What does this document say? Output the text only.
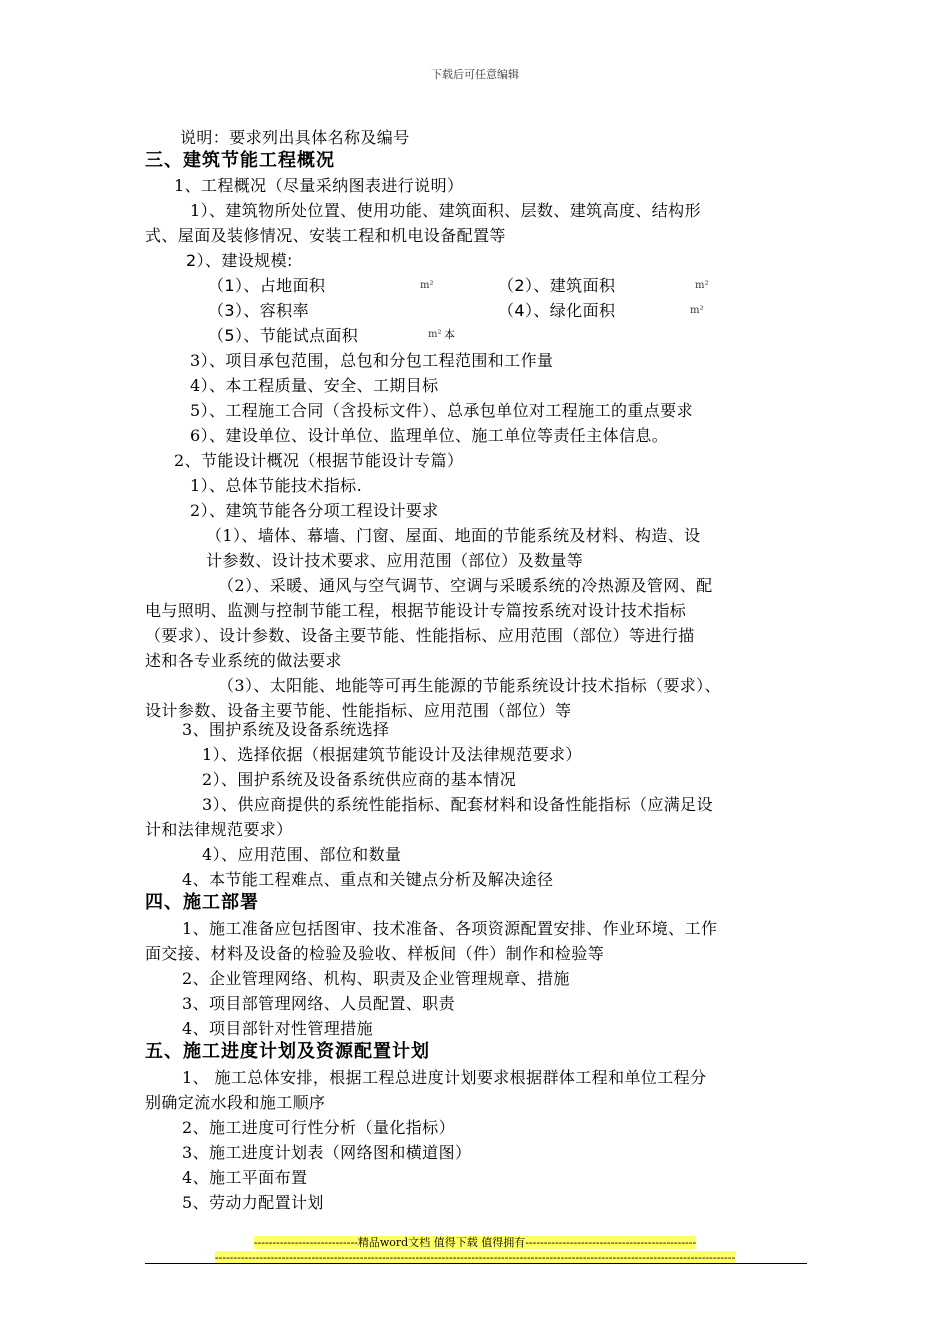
下载后可任意编辑
说明：要求列出具体名称及编号
三、建筑节能工程概况
1、工程概况（尽量采纳图表进行说明）
1）、建筑物所处位置、使用功能、建筑面积、层数、建筑高度、结构形
式、屋面及装修情况、安装工程和机电设备配置等
2）、建设规模:
（1）、占地面积	m²	（2）、建筑面积	m²
（3）、容积率	（4）、绿化面积	m²
（5）、节能试点面积	m² 本
3）、项目承包范围，总包和分包工程范围和工作量
4）、本工程质量、安全、工期目标
5）、工程施工合同（含投标文件）、总承包单位对工程施工的重点要求
6）、建设单位、设计单位、监理单位、施工单位等责任主体信息。
2、节能设计概况（根据节能设计专篇）
1）、总体节能技术指标.
2）、建筑节能各分项工程设计要求
（1）、墙体、幕墙、门窗、屋面、地面的节能系统及材料、构造、设
计参数、设计技术要求、应用范围（部位）及数量等
（2）、采暖、通风与空气调节、空调与采暖系统的冷热源及管网、配
电与照明、监测与控制节能工程，根据节能设计专篇按系统对设计技术指标
（要求）、设计参数、设备主要节能、性能指标、应用范围（部位）等进行描
述和各专业系统的做法要求
（3）、太阳能、地能等可再生能源的节能系统设计技术指标（要求）、
设计参数、设备主要节能、性能指标、应用范围（部位）等
3、围护系统及设备系统选择
1）、选择依据（根据建筑节能设计及法律规范要求）
2）、围护系统及设备系统供应商的基本情况
3）、供应商提供的系统性能指标、配套材料和设备性能指标（应满足设
计和法律规范要求）
4）、应用范围、部位和数量
4、本节能工程难点、重点和关键点分析及解决途径
四、施工部署
1、施工准备应包括图审、技术准备、各项资源配置安排、作业环境、工作
面交接、材料及设备的检验及验收、样板间（件）制作和检验等
2、企业管理网络、机构、职责及企业管理规章、措施
3、项目部管理网络、人员配置、职责
4、项目部针对性管理措施
五、施工进度计划及资源配置计划
1、 施工总体安排，根据工程总进度计划要求根据群体工程和单位工程分
别确定流水段和施工顺序
2、施工进度可行性分析（量化指标）
3、施工进度计划表（网络图和横道图）
4、施工平面布置
5、劳动力配置计划
----------------------------精品word文档 值得下载 值得拥有----------------------------------------------
--------------------------------------------------------------------------------------------------------------------------------------------
